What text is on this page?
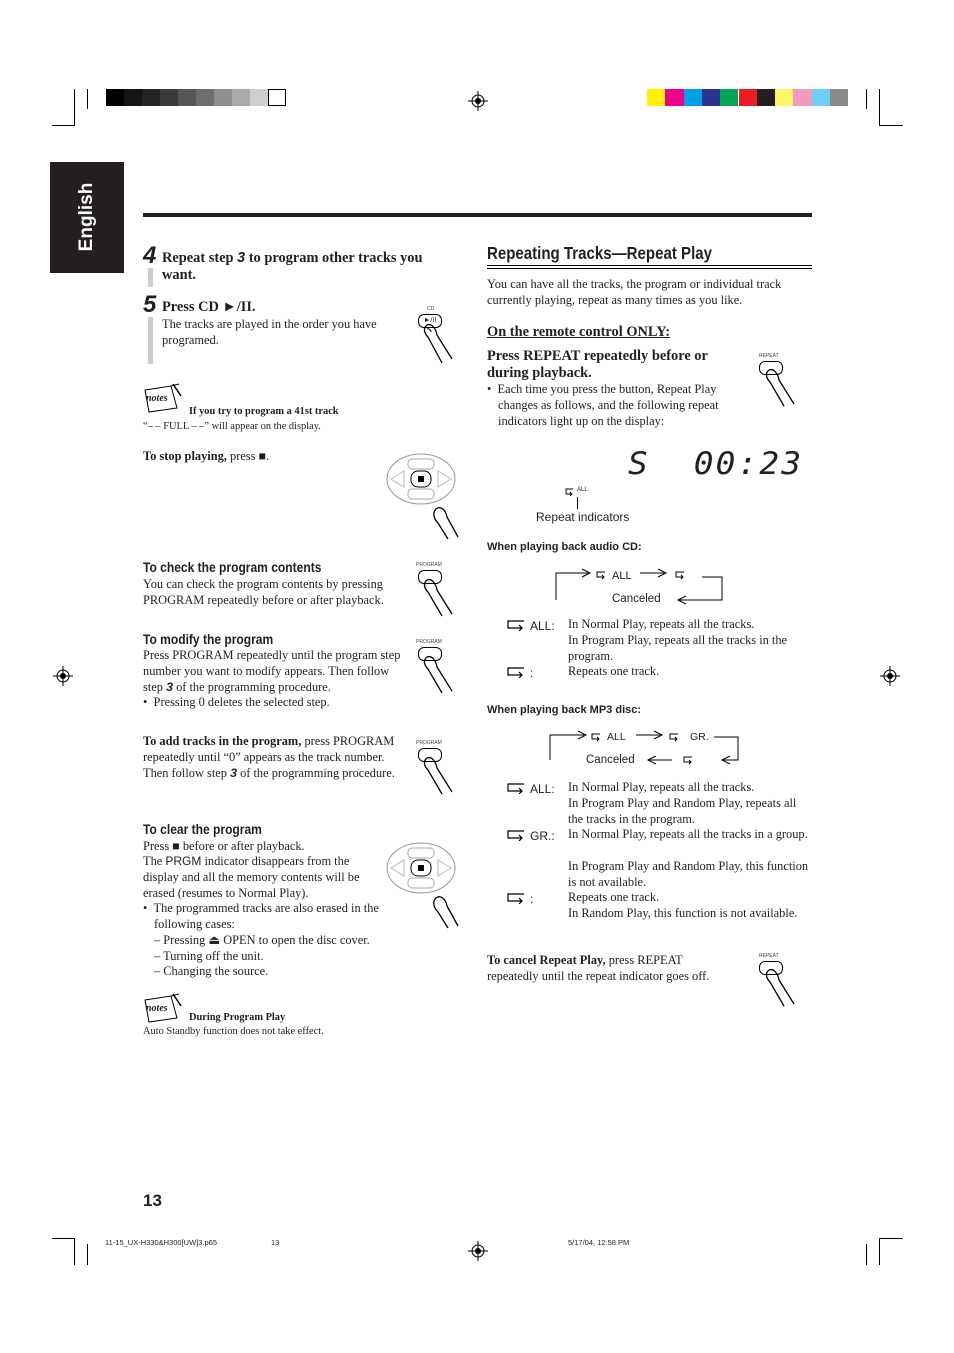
English
4 Repeat step 3 to program other tracks you want.
5 Press CD ►/II.

The tracks are played in the order you have programed.

CD
►/II
notes
If you try to program a 41st track
“– – FULL – –” will appear on the display.
To stop playing, press ■.
To check the program contents

You can check the program contents by pressing PROGRAM repeatedly before or after playback.

PROGRAM
To modify the program

Press PROGRAM repeatedly until the program step number you want to modify appears. Then follow step 3 of the programming procedure.

•  Pressing 0 deletes the selected step.
PROGRAM

To add tracks in the program, press PROGRAM repeatedly until “0” appears as the track number. Then follow step 3 of the programming procedure.

PROGRAM
To clear the program

Press ■ before or after playback.

The PRGM indicator disappears from the display and all the memory contents will be erased (resumes to Normal Play).

•  The programmed tracks are also erased in the following cases:
– Pressing ⏏ OPEN to open the disc cover.
– Turning off the unit.
– Changing the source.
notes
During Program Play
Auto Standby function does not take effect.
Repeating Tracks—Repeat Play

You can have all the tracks, the program or individual track currently playing, repeat as many times as you like.

On the remote control ONLY:

Press REPEAT repeatedly before or during playback.

•  Each time you press the button, Repeat Play changes as follows, and the following repeat indicators light up on the display:
REPEAT
S  00:23
ALL
Repeat indicators
When playing back audio CD:
ALL
Canceled
ALL: In Normal Play, repeats all the tracks.

In Program Play, repeats all the tracks in the program.

:	Repeats one track.

When playing back MP3 disc:
ALL	GR.
Canceled
ALL: In Normal Play, repeats all the tracks.

In Program Play and Random Play, repeats all the tracks in the program.

GR.: In Normal Play, repeats all the tracks in a group.

In Program Play and Random Play, this function is not available.

:	Repeats one track.

In Random Play, this function is not available.

To cancel Repeat Play, press REPEAT repeatedly until the repeat indicator goes off.

REPEAT
13
11-15_UX-H330&H300[UW]3.p65	13	5/17/04, 12:58 PM
